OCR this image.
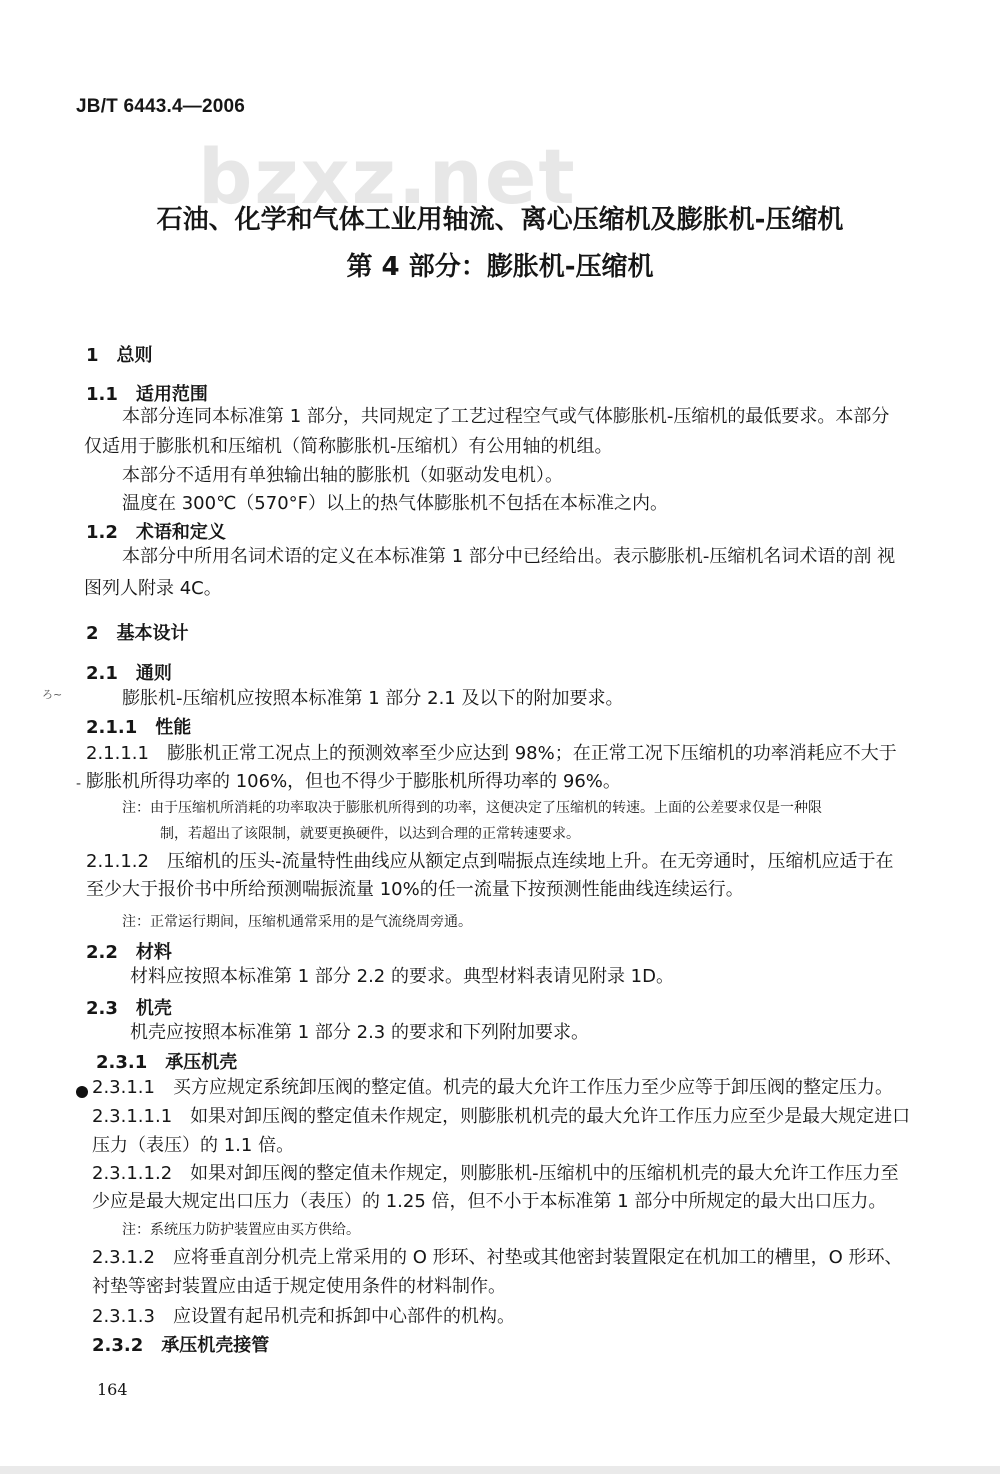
bzxz.net
JB/T 6443.4—2006
石油、化学和气体工业用轴流、离心压缩机及膨胀机-压缩机
第 4 部分：膨胀机-压缩机
ろ~
-
1　总则
1.1　适用范围
本部分连同本标准第 1 部分，共同规定了工艺过程空气或气体膨胀机-压缩机的最低要求。本部分
仅适用于膨胀机和压缩机（简称膨胀机-压缩机）有公用轴的机组。
本部分不适用有单独输出轴的膨胀机（如驱动发电机）。
温度在 300℃（570°F）以上的热气体膨胀机不包括在本标准之内。
1.2　术语和定义
本部分中所用名词术语的定义在本标准第 1 部分中已经给出。表示膨胀机-压缩机名词术语的剖 视
图列人附录 4C。
2　基本设计
2.1　通则
膨胀机-压缩机应按照本标准第 1 部分 2.1 及以下的附加要求。
2.1.1　性能
2.1.1.1　膨胀机正常工况点上的预测效率至少应达到 98%；在正常工况下压缩机的功率消耗应不大于
膨胀机所得功率的 106%，但也不得少于膨胀机所得功率的 96%。
注：由于压缩机所消耗的功率取决于膨胀机所得到的功率，这便决定了压缩机的转速。上面的公差要求仅是一种限
制，若超出了该限制，就要更换硬件，以达到合理的正常转速要求。
2.1.1.2　压缩机的压头-流量特性曲线应从额定点到喘振点连续地上升。在无旁通时，压缩机应适于在
至少大于报价书中所给预测喘振流量 10%的任一流量下按预测性能曲线连续运行。
注：正常运行期间，压缩机通常采用的是气流绕周旁通。
2.2　材料
材料应按照本标准第 1 部分 2.2 的要求。典型材料表请见附录 1D。
2.3　机壳
机壳应按照本标准第 1 部分 2.3 的要求和下列附加要求。
2.3.1　承压机壳
2.3.1.1　买方应规定系统卸压阀的整定值。机壳的最大允许工作压力至少应等于卸压阀的整定压力。
2.3.1.1.1　如果对卸压阀的整定值未作规定，则膨胀机机壳的最大允许工作压力应至少是最大规定进口
压力（表压）的 1.1 倍。
2.3.1.1.2　如果对卸压阀的整定值未作规定，则膨胀机-压缩机中的压缩机机壳的最大允许工作压力至
少应是最大规定出口压力（表压）的 1.25 倍，但不小于本标准第 1 部分中所规定的最大出口压力。
注：系统压力防护装置应由买方供给。
2.3.1.2　应将垂直剖分机壳上常采用的 O 形环、衬垫或其他密封装置限定在机加工的槽里，O 形环、
衬垫等密封装置应由适于规定使用条件的材料制作。
2.3.1.3　应设置有起吊机壳和拆卸中心部件的机构。
2.3.2　承压机壳接管
164
